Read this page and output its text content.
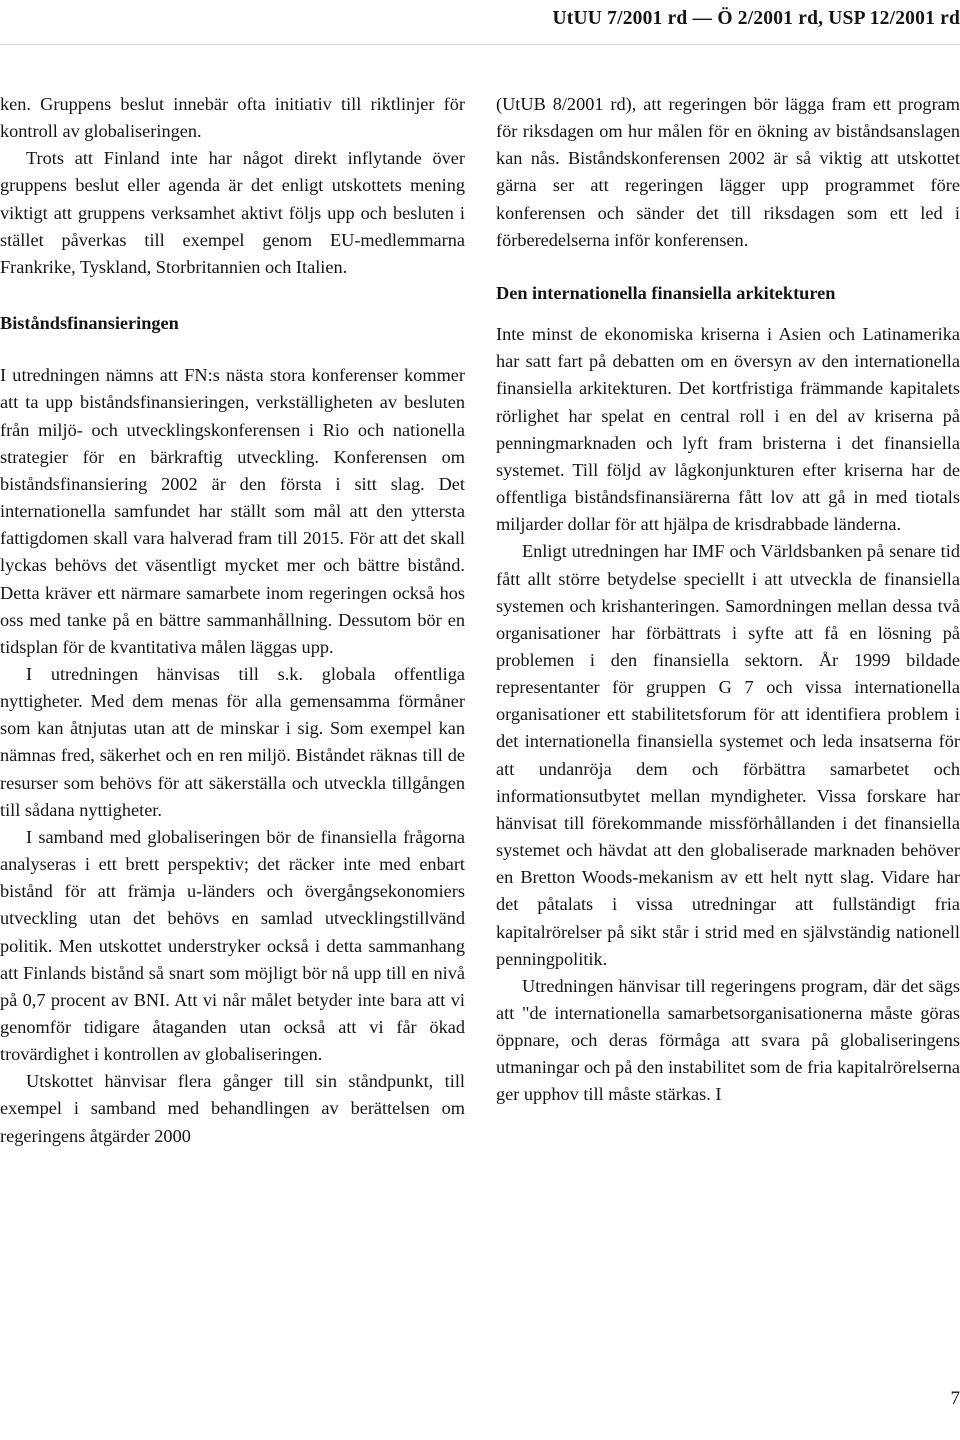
UtUU 7/2001 rd — Ö 2/2001 rd, USP 12/2001 rd

ken. Gruppens beslut innebär ofta initiativ till riktlinjer för kontroll av globaliseringen.

Trots att Finland inte har något direkt inflytande över gruppens beslut eller agenda är det enligt utskottets mening viktigt att gruppens verksamhet aktivt följs upp och besluten i stället påverkas till exempel genom EU-medlemmarna Frankrike, Tyskland, Storbritannien och Italien.

Biståndsfinansieringen

I utredningen nämns att FN:s nästa stora konferenser kommer att ta upp biståndsfinansieringen, verkställigheten av besluten från miljö- och utvecklingskonferensen i Rio och nationella strategier för en bärkraftig utveckling. Konferensen om biståndsfinansiering 2002 är den första i sitt slag. Det internationella samfundet har ställt som mål att den yttersta fattigdomen skall vara halverad fram till 2015. För att det skall lyckas behövs det väsentligt mycket mer och bättre bistånd. Detta kräver ett närmare samarbete inom regeringen också hos oss med tanke på en bättre sammanhållning. Dessutom bör en tidsplan för de kvantitativa målen läggas upp.

I utredningen hänvisas till s.k. globala offentliga nyttigheter. Med dem menas för alla gemensamma förmåner som kan åtnjutas utan att de minskar i sig. Som exempel kan nämnas fred, säkerhet och en ren miljö. Biståndet räknas till de resurser som behövs för att säkerställa och utveckla tillgången till sådana nyttigheter.

I samband med globaliseringen bör de finansiella frågorna analyseras i ett brett perspektiv; det räcker inte med enbart bistånd för att främja u-länders och övergångsekonomiers utveckling utan det behövs en samlad utvecklingstillvänd politik. Men utskottet understryker också i detta sammanhang att Finlands bistånd så snart som möjligt bör nå upp till en nivå på 0,7 procent av BNI. Att vi når målet betyder inte bara att vi genomför tidigare åtaganden utan också att vi får ökad trovärdighet i kontrollen av globaliseringen.

Utskottet hänvisar flera gånger till sin ståndpunkt, till exempel i samband med behandlingen av berättelsen om regeringens åtgärder 2000

(UtUB 8/2001 rd), att regeringen bör lägga fram ett program för riksdagen om hur målen för en ökning av biståndsanslagen kan nås. Biståndskonferensen 2002 är så viktig att utskottet gärna ser att regeringen lägger upp programmet före konferensen och sänder det till riksdagen som ett led i förberedelserna inför konferensen.

Den internationella finansiella arkitekturen

Inte minst de ekonomiska kriserna i Asien och Latinamerika har satt fart på debatten om en översyn av den internationella finansiella arkitekturen. Det kortfristiga främmande kapitalets rörlighet har spelat en central roll i en del av kriserna på penningmarknaden och lyft fram bristerna i det finansiella systemet. Till följd av lågkonjunkturen efter kriserna har de offentliga biståndsfinansiärerna fått lov att gå in med tiotals miljarder dollar för att hjälpa de krisdrabbade länderna.

Enligt utredningen har IMF och Världsbanken på senare tid fått allt större betydelse speciellt i att utveckla de finansiella systemen och krishanteringen. Samordningen mellan dessa två organisationer har förbättrats i syfte att få en lösning på problemen i den finansiella sektorn. År 1999 bildade representanter för gruppen G 7 och vissa internationella organisationer ett stabilitetsforum för att identifiera problem i det internationella finansiella systemet och leda insatserna för att undanröja dem och förbättra samarbetet och informationsutbytet mellan myndigheter. Vissa forskare har hänvisat till förekommande missförhållanden i det finansiella systemet och hävdat att den globaliserade marknaden behöver en Bretton Woods-mekanism av ett helt nytt slag. Vidare har det påtalats i vissa utredningar att fullständigt fria kapitalrörelser på sikt står i strid med en självständig nationell penningpolitik.

Utredningen hänvisar till regeringens program, där det sägs att "de internationella samarbetsorganisationerna måste göras öppnare, och deras förmåga att svara på globaliseringens utmaningar och på den instabilitet som de fria kapitalrörelserna ger upphov till måste stärkas. I

7
